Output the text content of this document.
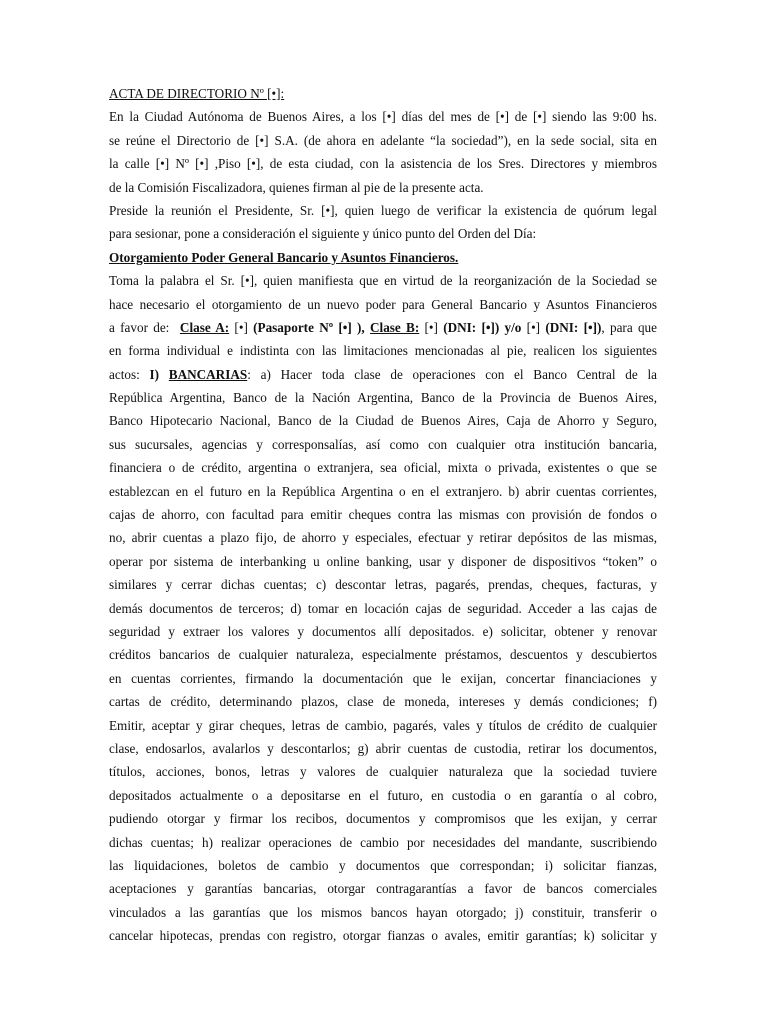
ACTA DE DIRECTORIO Nº [•]:
En la Ciudad Autónoma de Buenos Aires, a los [•] días del mes de [•] de [•] siendo las 9:00 hs.
se reúne el Directorio de [•] S.A. (de ahora en adelante “la sociedad”), en la sede social, sita en
la calle [•] Nº [•] ,Piso [•], de esta ciudad, con la asistencia de los Sres. Directores y miembros
de la Comisión Fiscalizadora, quienes firman al pie de la presente acta.
Preside la reunión el Presidente, Sr. [•], quien luego de verificar la existencia de quórum legal
para sesionar, pone a consideración el siguiente y único punto del Orden del Día:
Otorgamiento Poder General Bancario y Asuntos Financieros.
Toma la palabra el Sr. [•], quien manifiesta que en virtud de la reorganización de la Sociedad se
hace necesario el otorgamiento de un nuevo poder para General Bancario y Asuntos Financieros
a favor de:  Clase A: [•] (Pasaporte Nº [•] ), Clase B: [•] (DNI: [•]) y/o [•] (DNI: [•]), para que
en forma individual e indistinta con las limitaciones mencionadas al pie, realicen los siguientes
actos: I) BANCARIAS: a) Hacer toda clase de operaciones con el Banco Central de la
República Argentina, Banco de la Nación Argentina, Banco de la Provincia de Buenos Aires,
Banco Hipotecario Nacional, Banco de la Ciudad de Buenos Aires, Caja de Ahorro y Seguro,
sus sucursales, agencias y corresponsalías, así como con cualquier otra institución bancaria,
financiera o de crédito, argentina o extranjera, sea oficial, mixta o privada, existentes o que se
establezcan en el futuro en la República Argentina o en el extranjero. b) abrir cuentas corrientes,
cajas de ahorro, con facultad para emitir cheques contra las mismas con provisión de fondos o
no, abrir cuentas a plazo fijo, de ahorro y especiales, efectuar y retirar depósitos de las mismas,
operar por sistema de interbanking u online banking, usar y disponer de dispositivos “token” o
similares y cerrar dichas cuentas; c) descontar letras, pagarés, prendas, cheques, facturas, y
demás documentos de terceros; d) tomar en locación cajas de seguridad. Acceder a las cajas de
seguridad y extraer los valores y documentos allí depositados. e) solicitar, obtener y renovar
créditos bancarios de cualquier naturaleza, especialmente préstamos, descuentos y descubiertos
en cuentas corrientes, firmando la documentación que le exijan, concertar financiaciones y
cartas de crédito, determinando plazos, clase de moneda, intereses y demás condiciones; f)
Emitir, aceptar y girar cheques, letras de cambio, pagarés, vales y títulos de crédito de cualquier
clase, endosarlos, avalarlos y descontarlos; g) abrir cuentas de custodia, retirar los documentos,
títulos, acciones, bonos, letras y valores de cualquier naturaleza que la sociedad tuviere
depositados actualmente o a depositarse en el futuro, en custodia o en garantía o al cobro,
pudiendo otorgar y firmar los recibos, documentos y compromisos que les exijan, y cerrar
dichas cuentas; h) realizar operaciones de cambio por necesidades del mandante, suscribiendo
las liquidaciones, boletos de cambio y documentos que correspondan; i) solicitar fianzas,
aceptaciones y garantías bancarias, otorgar contragarantías a favor de bancos comerciales
vinculados a las garantías que los mismos bancos hayan otorgado; j) constituir, transferir o
cancelar hipotecas, prendas con registro, otorgar fianzas o avales, emitir garantías; k) solicitar y
